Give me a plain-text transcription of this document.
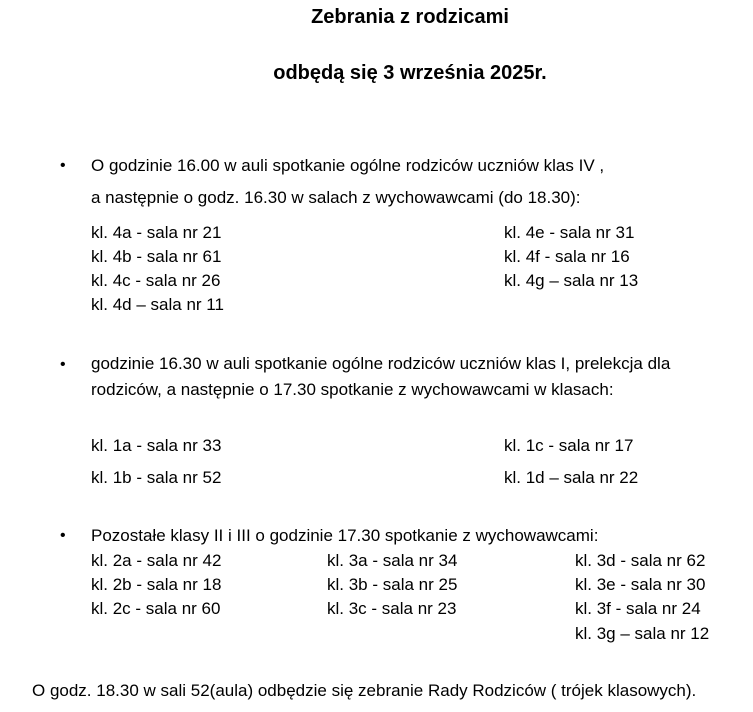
Zebrania z rodzicami
odbędą się 3 września 2025r.
• O godzinie 16.00 w auli spotkanie ogólne rodziców uczniów klas IV ,
a następnie o godz. 16.30 w salach z wychowawcami (do 18.30):
kl. 4a - sala nr 21
kl. 4b - sala nr 61
kl. 4c - sala nr 26
kl. 4d – sala nr 11
kl. 4e - sala nr 31
kl. 4f - sala nr 16
kl. 4g – sala nr 13
• godzinie 16.30 w auli spotkanie ogólne rodziców uczniów klas I, prelekcja dla
rodziców, a następnie o 17.30 spotkanie z wychowawcami w klasach:
kl. 1a - sala nr 33
kl. 1b - sala nr 52
kl. 1c - sala nr 17
kl. 1d – sala nr 22
• Pozostałe klasy II i III o godzinie 17.30 spotkanie z wychowawcami:
kl. 2a - sala nr 42
kl. 2b - sala nr 18
kl. 2c - sala nr 60
kl. 3a - sala nr 34
kl. 3b - sala nr 25
kl. 3c - sala nr 23
kl. 3d - sala nr 62
kl. 3e - sala nr 30
kl. 3f - sala nr 24
kl. 3g – sala nr 12
O godz. 18.30 w sali 52(aula) odbędzie się zebranie Rady Rodziców ( trójek klasowych).
